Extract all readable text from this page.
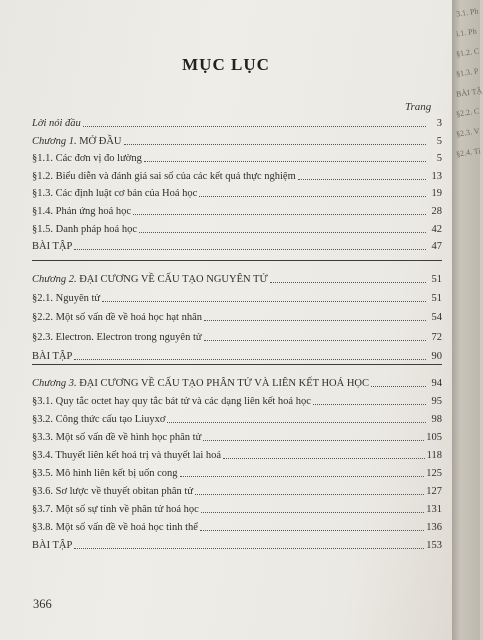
MỤC LỤC
Trang
Lời nói đầu	3
Chương 1. MỞ ĐẦU	5
§1.1. Các đơn vị đo lường	5
§1.2. Biểu diễn và đánh giá sai số của các kết quả thực nghiệm	13
§1.3. Các định luật cơ bản của Hoá học	19
§1.4. Phản ứng hoá học	28
§1.5. Danh pháp hoá học	42
BÀI TẬP	47
Chương 2. ĐẠI CƯƠNG VỀ CẤU TẠO NGUYÊN TỬ	51
§2.1. Nguyên tử	51
§2.2. Một số vấn đề về hoá học hạt nhân	54
§2.3. Electron. Electron trong nguyên tử	72
BÀI TẬP	90
Chương 3. ĐẠI CƯƠNG VỀ CẤU TẠO PHÂN TỬ VÀ LIÊN KẾT HOÁ HỌC	94
§3.1. Quy tắc octet hay quy tắc bát tử và các dạng liên kết hoá học	95
§3.2. Công thức cấu tạo Liuyxơ	98
§3.3. Một số vấn đề về hình học phân tử	105
§3.4. Thuyết liên kết hoá trị và thuyết lai hoá	118
§3.5. Mô hình liên kết bị uốn cong	125
§3.6. Sơ lược về thuyết obitan phân tử	127
§3.7. Một số sự tính về phân tử hoá học	131
§3.8. Một số vấn đề về hoá học tinh thể	136
BÀI TẬP	153
366
3.1. Ph
i.1. Ph
§1.2. C
§1.3. P
BÀI TẬ
§2.2. C
§2.3. V
§2.4. Ti
